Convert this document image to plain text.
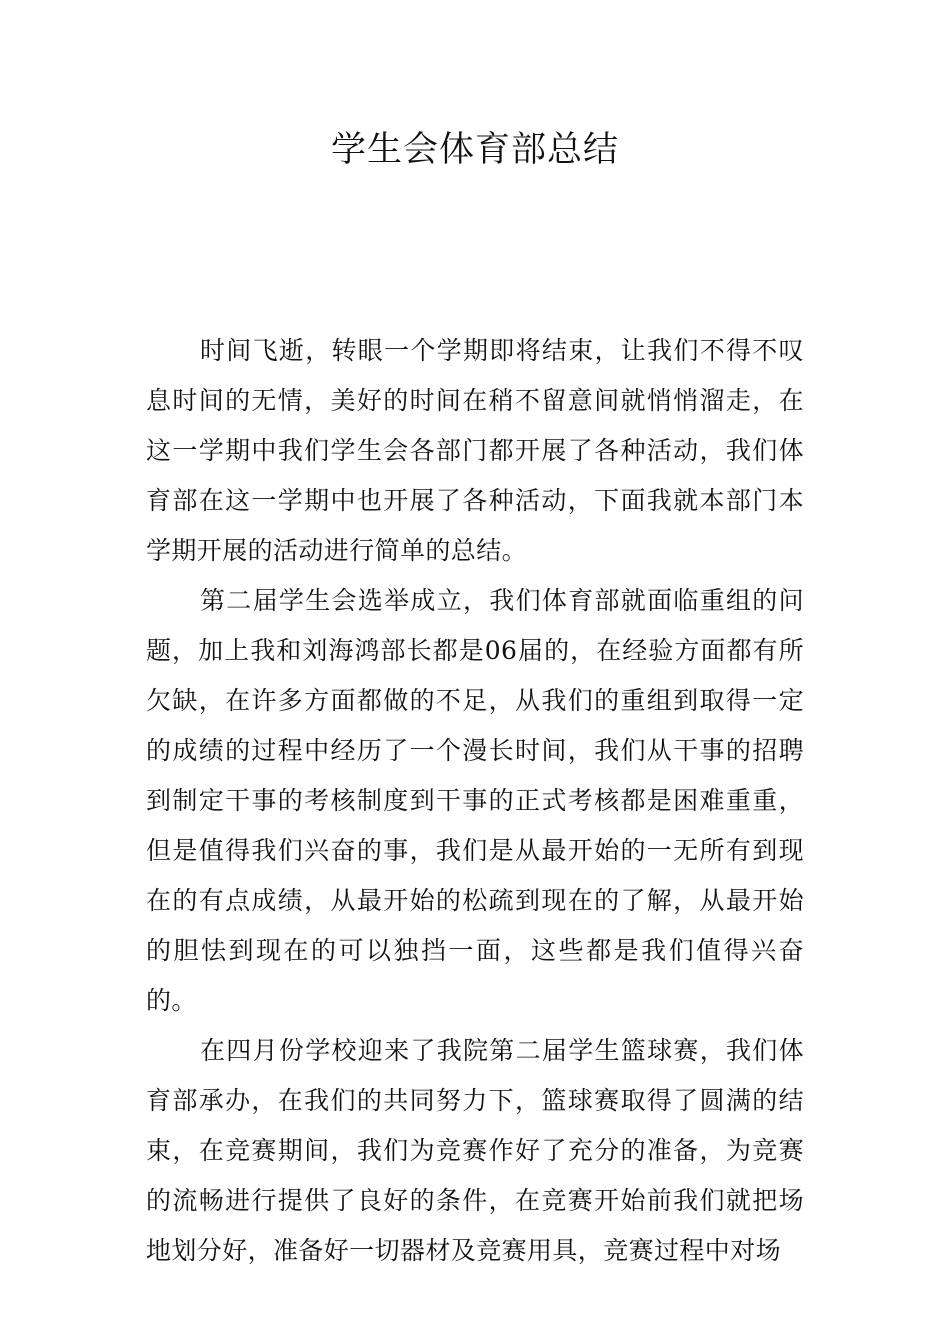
学生会体育部总结

时间飞逝，转眼一个学期即将结束，让我们不得不叹息时间的无情，美好的时间在稍不留意间就悄悄溜走，在这一学期中我们学生会各部门都开展了各种活动，我们体育部在这一学期中也开展了各种活动，下面我就本部门本学期开展的活动进行简单的总结。

第二届学生会选举成立，我们体育部就面临重组的问题，加上我和刘海鸿部长都是06届的，在经验方面都有所欠缺，在许多方面都做的不足，从我们的重组到取得一定的成绩的过程中经历了一个漫长时间，我们从干事的招聘到制定干事的考核制度到干事的正式考核都是困难重重，但是值得我们兴奋的事，我们是从最开始的一无所有到现在的有点成绩，从最开始的松疏到现在的了解，从最开始的胆怯到现在的可以独挡一面，这些都是我们值得兴奋的。

在四月份学校迎来了我院第二届学生篮球赛，我们体育部承办，在我们的共同努力下，篮球赛取得了圆满的结束，在竞赛期间，我们为竞赛作好了充分的准备，为竞赛的流畅进行提供了良好的条件，在竞赛开始前我们就把场地划分好，准备好一切器材及竞赛用具，竞赛过程中对场
